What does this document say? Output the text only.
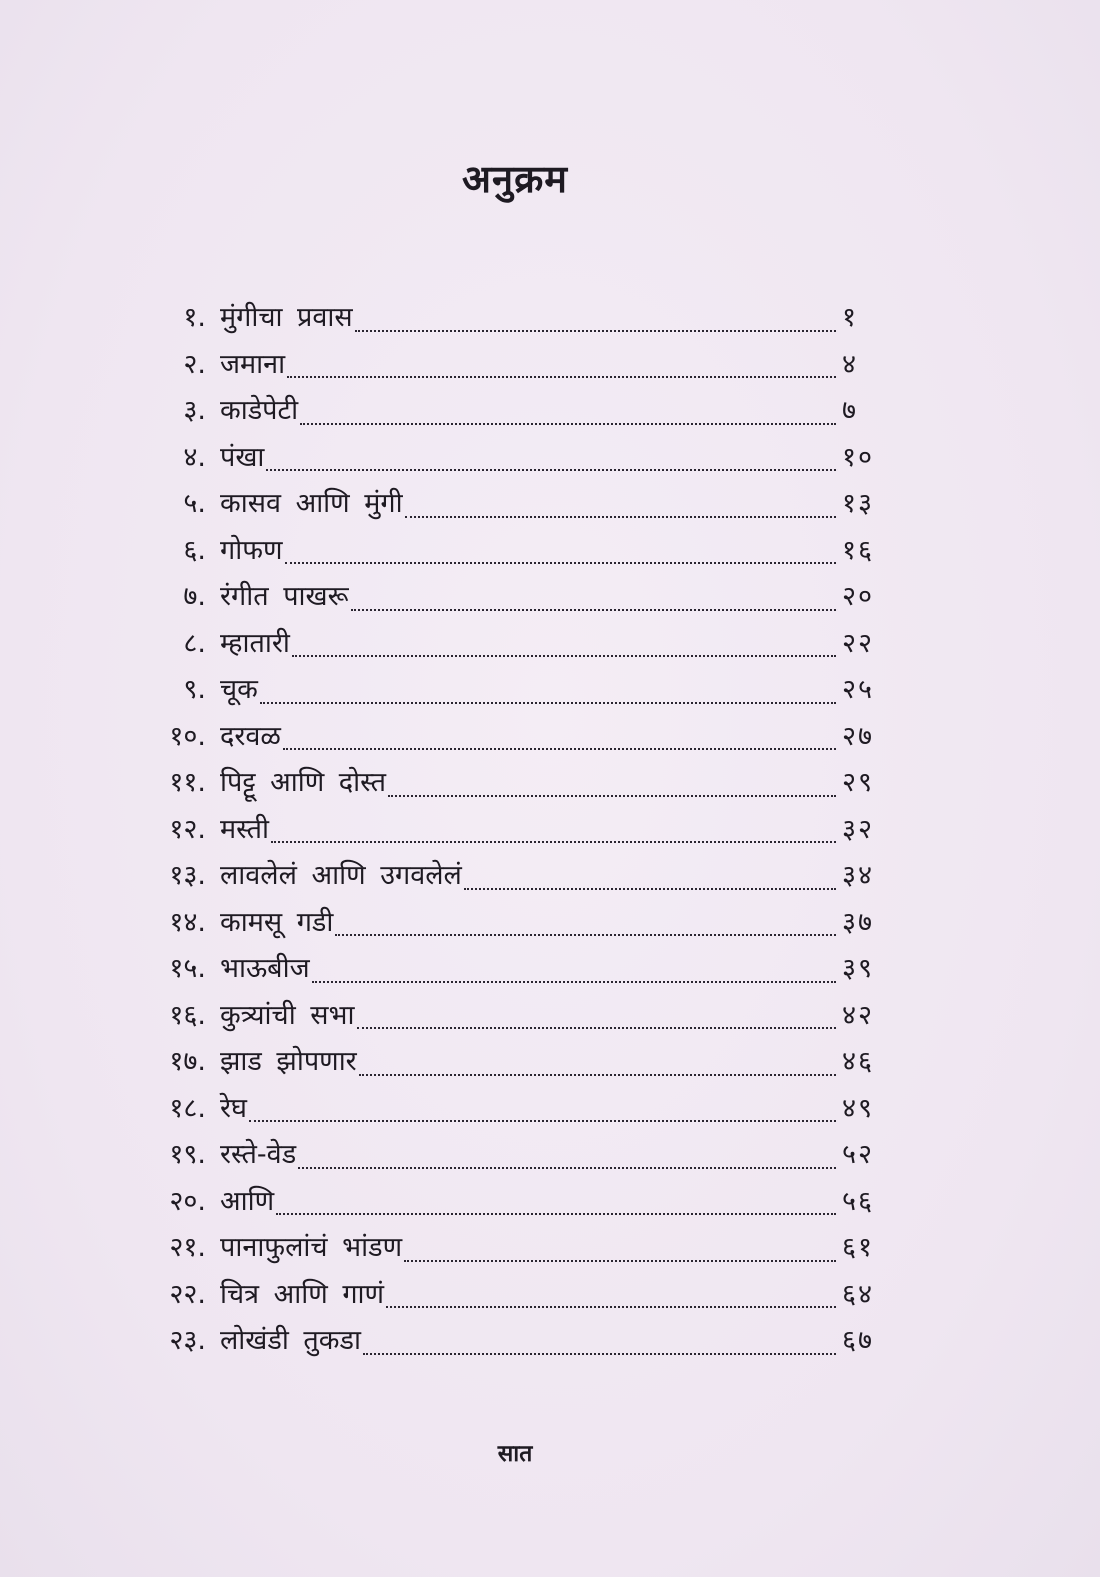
अनुक्रम
१. मुंगीचा प्रवास	१
२. जमाना	४
३. काडेपेटी	७
४. पंखा	१०
५. कासव आणि मुंगी	१३
६. गोफण	१६
७. रंगीत पाखरू	२०
८. म्हातारी	२२
९. चूक	२५
१०. दरवळ	२७
११. पिट्टू आणि दोस्त	२९
१२. मस्ती	३२
१३. लावलेलं आणि उगवलेलं	३४
१४. कामसू गडी	३७
१५. भाऊबीज	३९
१६. कुत्र्यांची सभा	४२
१७. झाड झोपणार	४६
१८. रेघ	४९
१९. रस्ते-वेड	५२
२०. आणि	५६
२१. पानाफुलांचं भांडण	६१
२२. चित्र आणि गाणं	६४
२३. लोखंडी तुकडा	६७
सात
